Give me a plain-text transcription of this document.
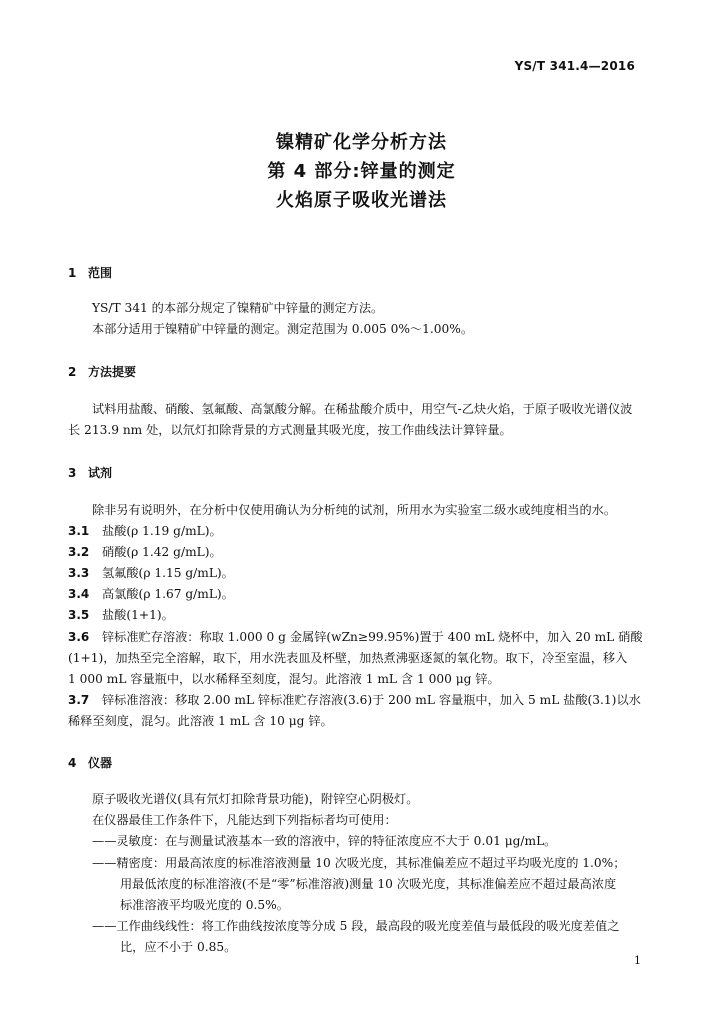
YS/T 341.4—2016
镍精矿化学分析方法
第 4 部分:锌量的测定
火焰原子吸收光谱法
1 范围
YS/T 341 的本部分规定了镍精矿中锌量的测定方法。
本部分适用于镍精矿中锌量的测定。测定范围为 0.005 0%～1.00%。
2 方法提要
试料用盐酸、硝酸、氢氟酸、高氯酸分解。在稀盐酸介质中，用空气-乙炔火焰，于原子吸收光谱仪波
长 213.9 nm 处，以氘灯扣除背景的方式测量其吸光度，按工作曲线法计算锌量。
3 试剂
除非另有说明外，在分析中仅使用确认为分析纯的试剂，所用水为实验室二级水或纯度相当的水。
3.1 盐酸(ρ 1.19 g/mL)。
3.2 硝酸(ρ 1.42 g/mL)。
3.3 氢氟酸(ρ 1.15 g/mL)。
3.4 高氯酸(ρ 1.67 g/mL)。
3.5 盐酸(1+1)。
3.6 锌标准贮存溶液：称取 1.000 0 g 金属锌(wZn≥99.95%)置于 400 mL 烧杯中，加入 20 mL 硝酸
(1+1)，加热至完全溶解，取下，用水洗表皿及杯壁，加热煮沸驱逐氮的氧化物。取下，冷至室温，移入
1 000 mL 容量瓶中，以水稀释至刻度，混匀。此溶液 1 mL 含 1 000 μg 锌。
3.7 锌标准溶液：移取 2.00 mL 锌标准贮存溶液(3.6)于 200 mL 容量瓶中，加入 5 mL 盐酸(3.1)以水
稀释至刻度，混匀。此溶液 1 mL 含 10 μg 锌。
4 仪器
原子吸收光谱仪(具有氘灯扣除背景功能)，附锌空心阴极灯。
在仪器最佳工作条件下，凡能达到下列指标者均可使用：
——灵敏度：在与测量试液基本一致的溶液中，锌的特征浓度应不大于 0.01 μg/mL。
——精密度：用最高浓度的标准溶液测量 10 次吸光度，其标准偏差应不超过平均吸光度的 1.0%；
用最低浓度的标准溶液(不是“零”标准溶液)测量 10 次吸光度，其标准偏差应不超过最高浓度
标准溶液平均吸光度的 0.5%。
——工作曲线线性：将工作曲线按浓度等分成 5 段，最高段的吸光度差值与最低段的吸光度差值之
比，应不小于 0.85。
1
